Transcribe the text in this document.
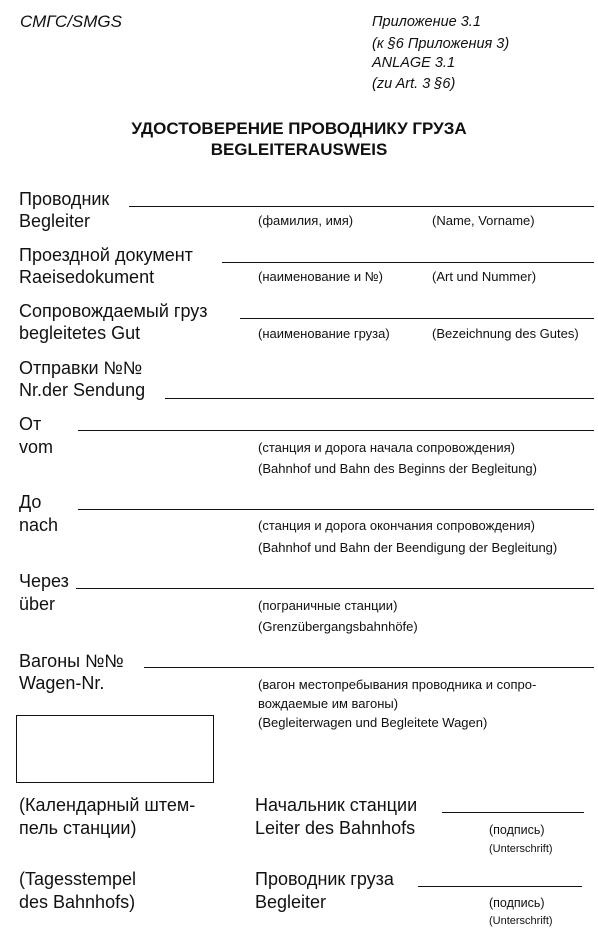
СМГС/SMGS	Приложение 3.1
(к §6 Приложения 3)
ANLAGE 3.1
(zu Art. 3 §6)
УДОСТОВЕРЕНИЕ ПРОВОДНИКУ ГРУЗА
BEGLEITERAUSWEIS
Проводник
Begleiter	(фамилия, имя)	(Name, Vorname)
Проездной документ
Raeisedokument	(наименование и №)	(Art und Nummer)
Сопровождаемый груз
begleitetes Gut	(наименование груза)	(Bezeichnung des Gutes)
Отправки №№
Nr.der Sendung
От
vom	(станция и дорога начала сопровождения)
(Bahnhof und Bahn des Beginns der Begleitung)
До
nach	(станция и дорога окончания сопровождения)
(Bahnhof und Bahn der Beendigung der Begleitung)
Через
über	(пограничные станции)
(Grenzübergangsbahnhöfe)
Вагоны №№
Wagen-Nr.	(вагон местопребывания проводника и сопро-
вождаемые им вагоны)
(Begleiterwagen und Begleitete Wagen)
(Календарный штем-
пель станции)
(Tagesstempel
des Bahnhofs)
Начальник станции
Leiter des Bahnhofs	(подпись)
(Unterschrift)
Проводник груза
Begleiter	(подпись)
(Unterschrift)
